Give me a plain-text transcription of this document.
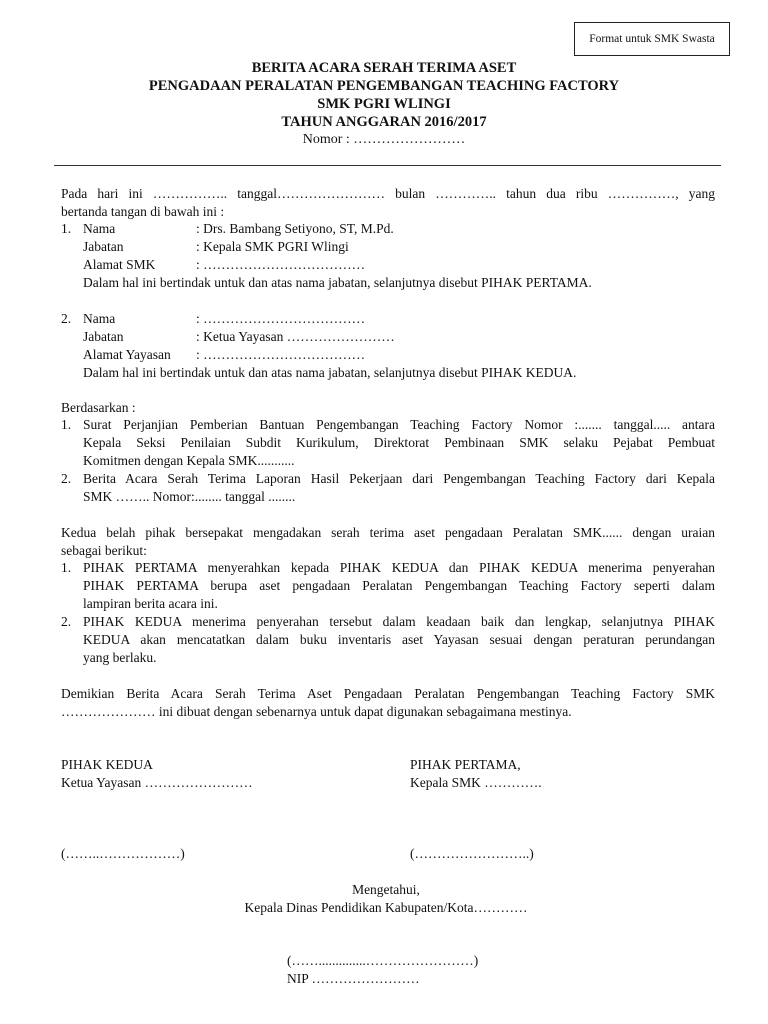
Format untuk SMK Swasta
BERITA ACARA SERAH TERIMA ASET
PENGADAAN PERALATAN PENGEMBANGAN TEACHING FACTORY
SMK PGRI WLINGI
TAHUN ANGGARAN 2016/2017
Nomor : ……………………
Pada hari ini …………….. tanggal…………………… bulan ………….. tahun dua ribu ……………, yang
bertanda tangan di bawah ini :
1. Nama	: Drs. Bambang Setiyono, ST, M.Pd.
Jabatan	: Kepala SMK PGRI Wlingi
Alamat SMK	: ………………………………
Dalam hal ini bertindak untuk dan atas nama jabatan, selanjutnya disebut PIHAK PERTAMA.
2. Nama	: ………………………………
Jabatan	: Ketua Yayasan ……………………
Alamat Yayasan : ………………………………
Dalam hal ini bertindak untuk dan atas nama jabatan, selanjutnya disebut PIHAK KEDUA.
Berdasarkan :
1. Surat Perjanjian Pemberian Bantuan Pengembangan Teaching Factory Nomor :....... tanggal..... antara
Kepala Seksi Penilaian Subdit Kurikulum, Direktorat Pembinaan SMK selaku Pejabat Pembuat
Komitmen dengan Kepala SMK...........
2. Berita Acara Serah Terima Laporan Hasil Pekerjaan dari Pengembangan Teaching Factory dari Kepala
SMK …….. Nomor:........ tanggal ........
Kedua belah pihak bersepakat mengadakan serah terima aset pengadaan Peralatan SMK...... dengan uraian
sebagai berikut:
1. PIHAK PERTAMA menyerahkan kepada PIHAK KEDUA dan PIHAK KEDUA menerima penyerahan
PIHAK PERTAMA berupa aset pengadaan Peralatan Pengembangan Teaching Factory seperti dalam
lampiran berita acara ini.
2. PIHAK KEDUA menerima penyerahan tersebut dalam keadaan baik dan lengkap, selanjutnya PIHAK
KEDUA akan mencatatkan dalam buku inventaris aset Yayasan sesuai dengan peraturan perundangan
yang berlaku.
Demikian Berita Acara Serah Terima Aset Pengadaan Peralatan Pengembangan Teaching Factory SMK
………………… ini dibuat dengan sebenarnya untuk dapat digunakan sebagaimana mestinya.
PIHAK KEDUA
Ketua Yayasan ……………………
(……..………………)
PIHAK PERTAMA,
Kepala SMK ………….
(……………………..)
Mengetahui,
Kepala Dinas Pendidikan Kabupaten/Kota…………
(……..............……………………)
NIP ……………………
